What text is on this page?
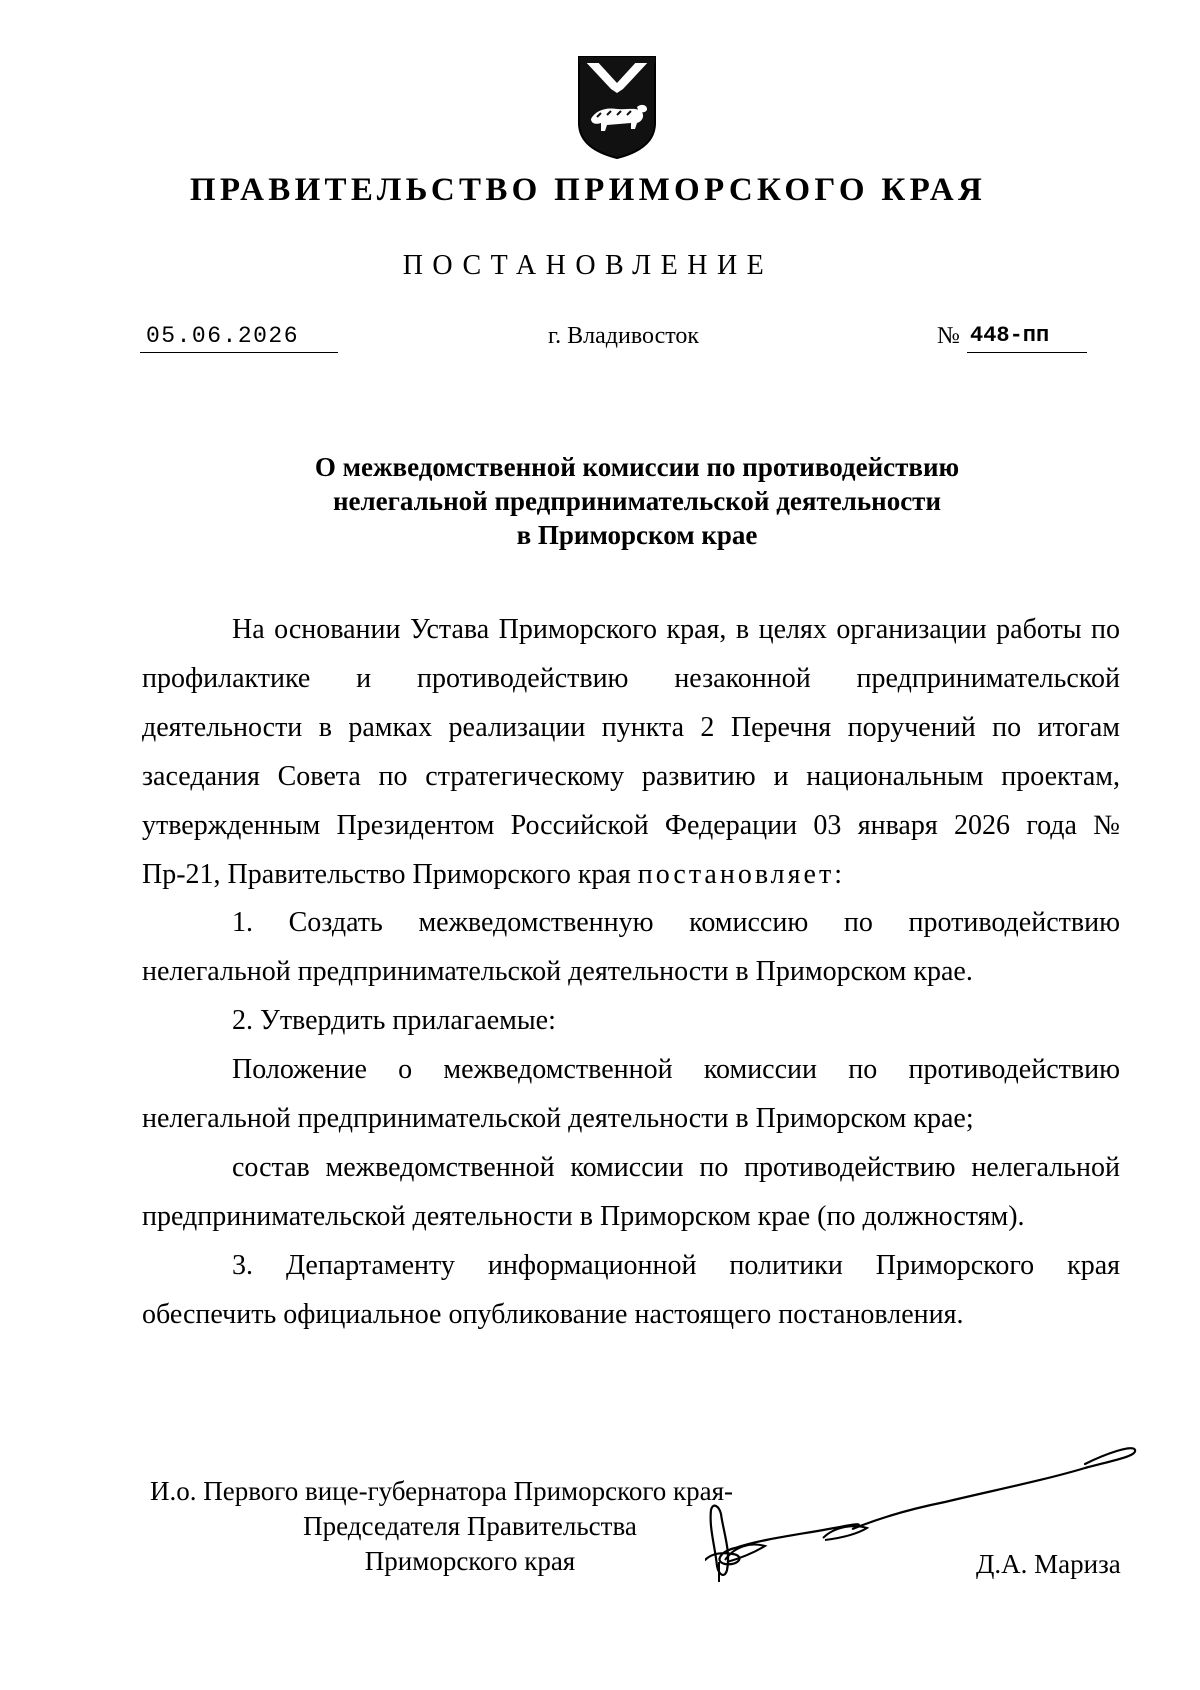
ПРАВИТЕЛЬСТВО ПРИМОРСКОГО КРАЯ
ПОСТАНОВЛЕНИЕ
05.06.2026	г. Владивосток	№ 448-пп
О межведомственной комиссии по противодействию
нелегальной предпринимательской деятельности
в Приморском крае

На основании Устава Приморского края, в целях организации работы по профилактике и противодействию незаконной предпринимательской деятельности в рамках реализации пункта 2 Перечня поручений по итогам заседания Совета по стратегическому развитию и национальным проектам, утвержденным Президентом Российской Федерации 03 января 2026 года № Пр-21, Правительство Приморского края постановляет:

1. Создать межведомственную комиссию по противодействию нелегальной предпринимательской деятельности в Приморском крае.

2. Утвердить прилагаемые:

Положение о межведомственной комиссии по противодействию нелегальной предпринимательской деятельности в Приморском крае;

состав межведомственной комиссии по противодействию нелегальной предпринимательской деятельности в Приморском крае (по должностям).

3. Департаменту информационной политики Приморского края обеспечить официальное опубликование настоящего постановления.

И.о. Первого вице-губернатора Приморского края-
Председателя Правительства
Приморского края	Д.А. Мариза
